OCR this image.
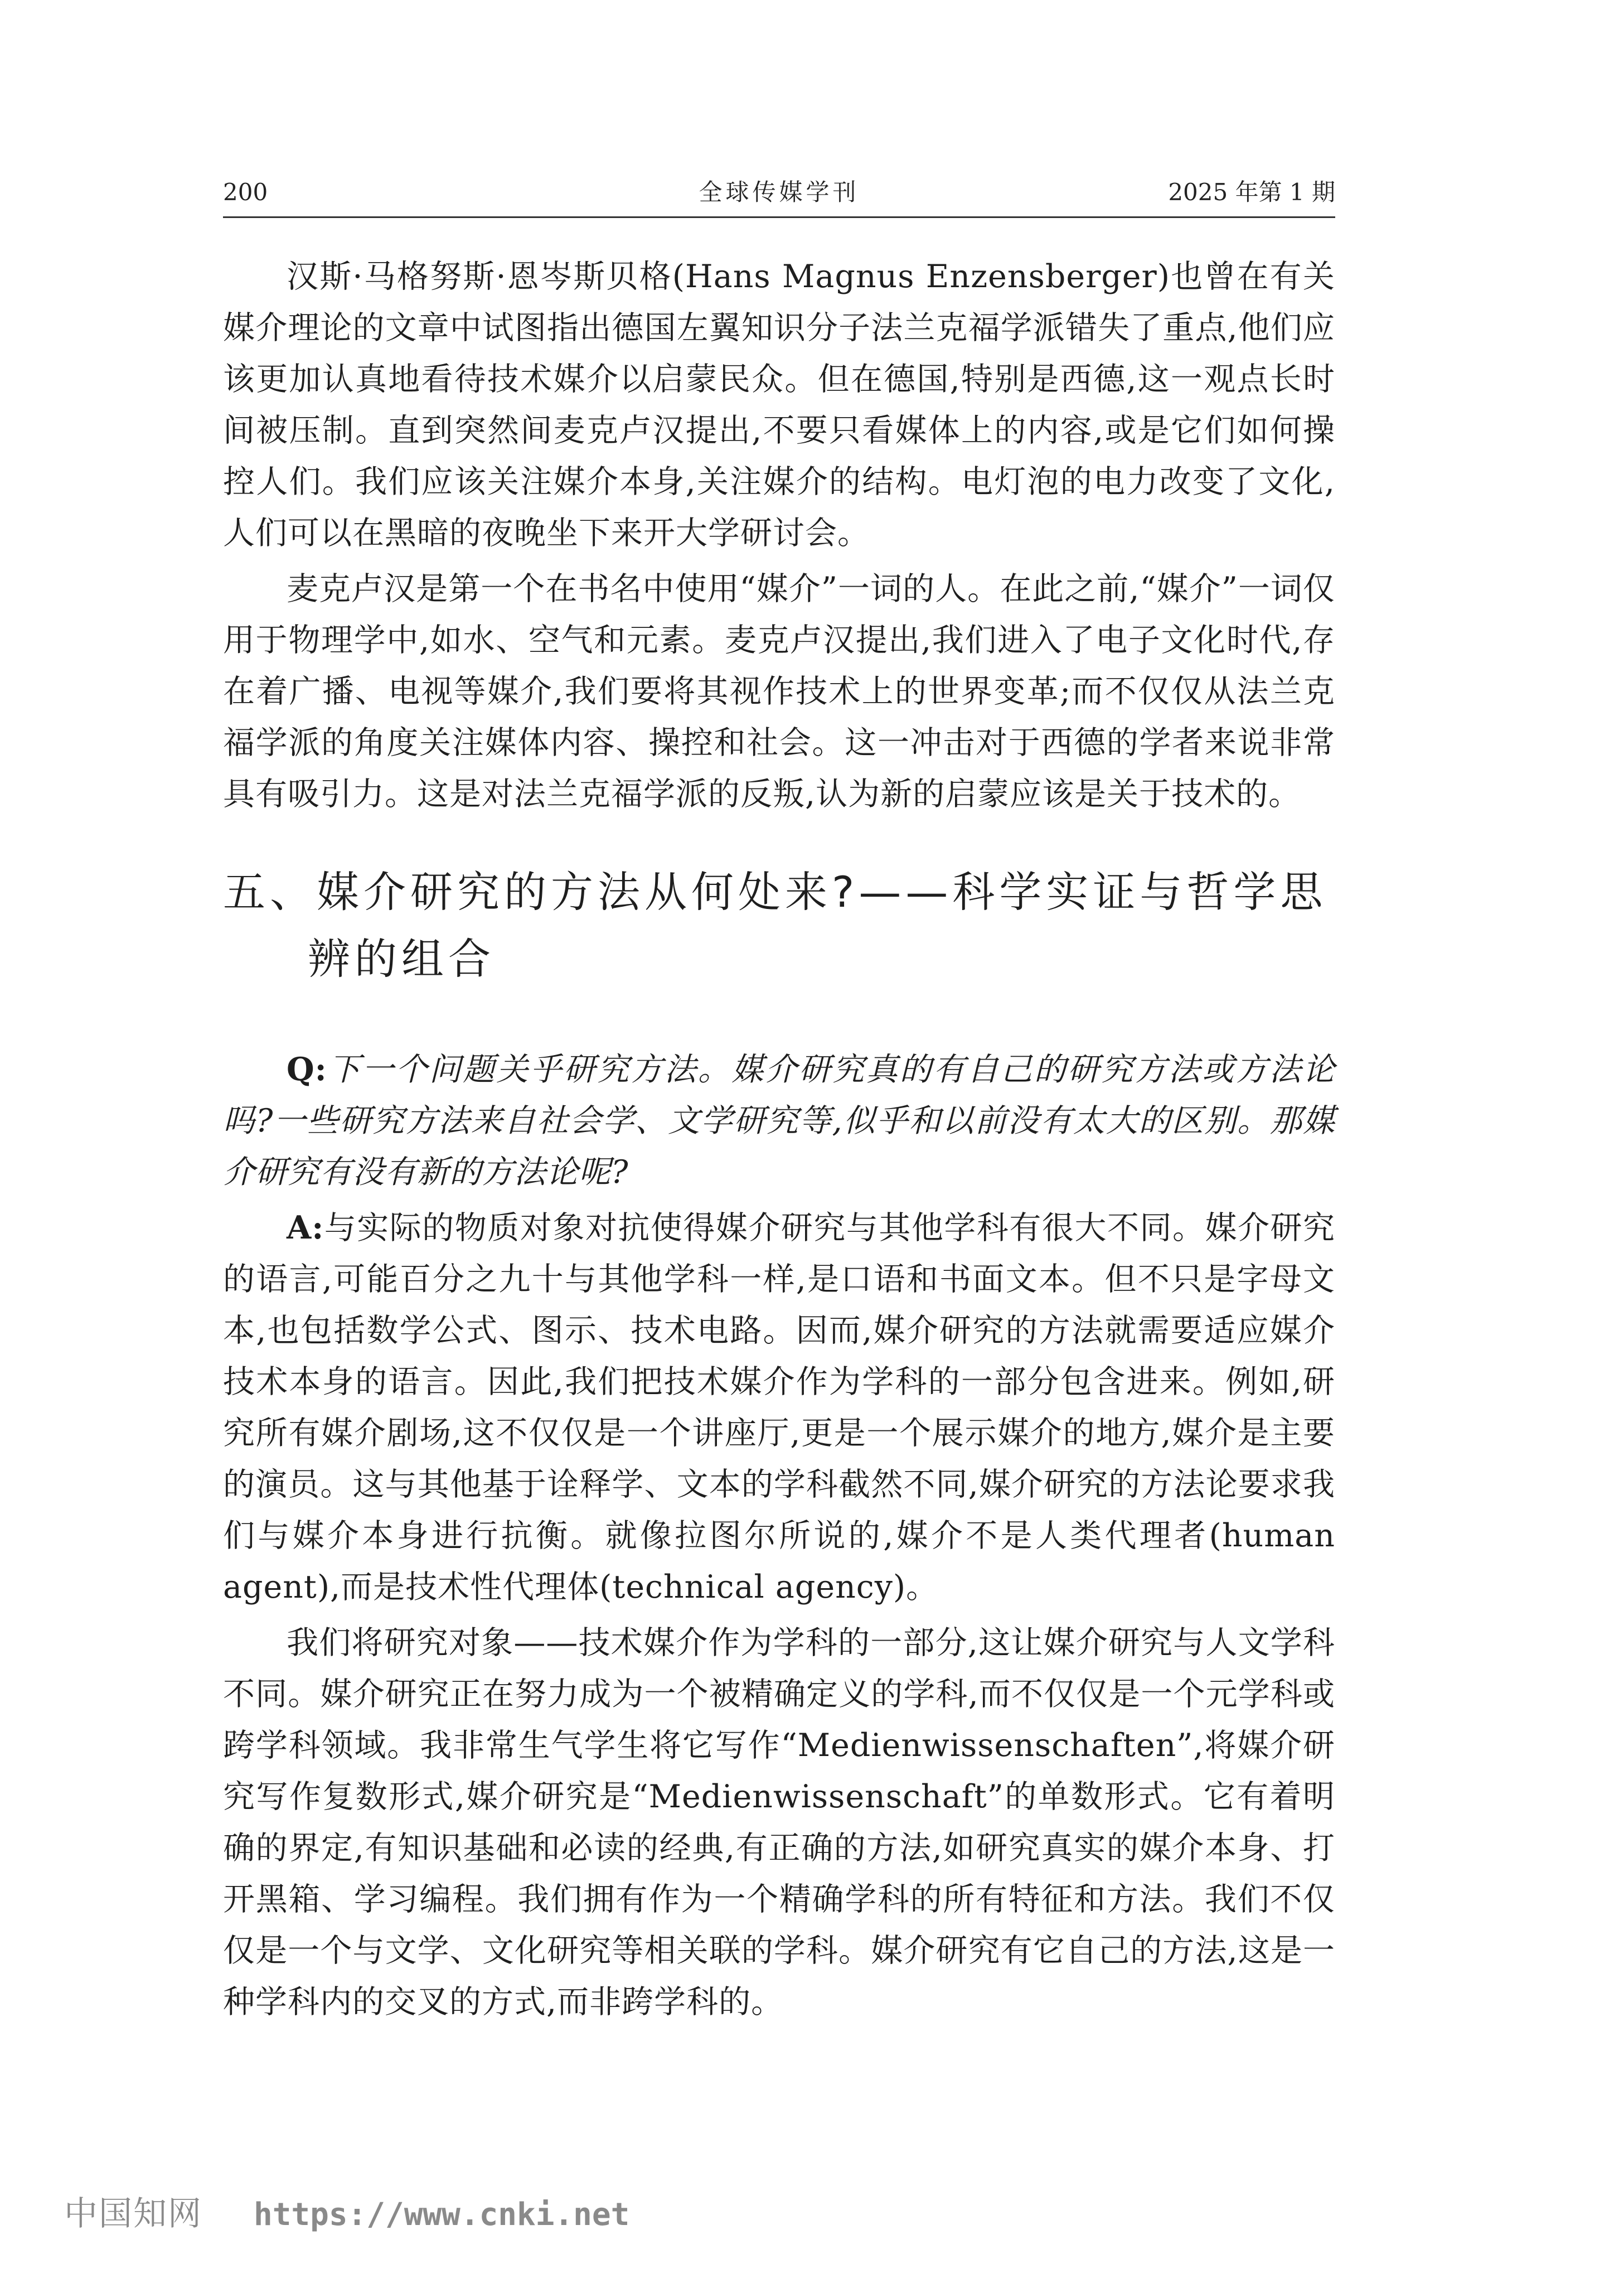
200	全球传媒学刊	2025 年第 1 期

汉斯·马格努斯·恩岑斯贝格(Hans Magnus Enzensberger)也曾在有关媒介理论的文章中试图指出德国左翼知识分子法兰克福学派错失了重点,他们应该更加认真地看待技术媒介以启蒙民众。但在德国,特别是西德,这一观点长时间被压制。直到突然间麦克卢汉提出,不要只看媒体上的内容,或是它们如何操控人们。我们应该关注媒介本身,关注媒介的结构。电灯泡的电力改变了文化,人们可以在黑暗的夜晚坐下来开大学研讨会。

麦克卢汉是第一个在书名中使用“媒介”一词的人。在此之前,“媒介”一词仅用于物理学中,如水、空气和元素。麦克卢汉提出,我们进入了电子文化时代,存在着广播、电视等媒介,我们要将其视作技术上的世界变革;而不仅仅从法兰克福学派的角度关注媒体内容、操控和社会。这一冲击对于西德的学者来说非常具有吸引力。这是对法兰克福学派的反叛,认为新的启蒙应该是关于技术的。

五、媒介研究的方法从何处来?——科学实证与哲学思辨的组合

Q:下一个问题关乎研究方法。媒介研究真的有自己的研究方法或方法论吗?一些研究方法来自社会学、文学研究等,似乎和以前没有太大的区别。那媒介研究有没有新的方法论呢?

A:与实际的物质对象对抗使得媒介研究与其他学科有很大不同。媒介研究的语言,可能百分之九十与其他学科一样,是口语和书面文本。但不只是字母文本,也包括数学公式、图示、技术电路。因而,媒介研究的方法就需要适应媒介技术本身的语言。因此,我们把技术媒介作为学科的一部分包含进来。例如,研究所有媒介剧场,这不仅仅是一个讲座厅,更是一个展示媒介的地方,媒介是主要的演员。这与其他基于诠释学、文本的学科截然不同,媒介研究的方法论要求我们与媒介本身进行抗衡。就像拉图尔所说的,媒介不是人类代理者(human agent),而是技术性代理体(technical agency)。

我们将研究对象——技术媒介作为学科的一部分,这让媒介研究与人文学科不同。媒介研究正在努力成为一个被精确定义的学科,而不仅仅是一个元学科或跨学科领域。我非常生气学生将它写作“Medienwissenschaften”,将媒介研究写作复数形式,媒介研究是“Medienwissenschaft”的单数形式。它有着明确的界定,有知识基础和必读的经典,有正确的方法,如研究真实的媒介本身、打开黑箱、学习编程。我们拥有作为一个精确学科的所有特征和方法。我们不仅仅是一个与文学、文化研究等相关联的学科。媒介研究有它自己的方法,这是一种学科内的交叉的方式,而非跨学科的。

中国知网 https://www.cnki.net
